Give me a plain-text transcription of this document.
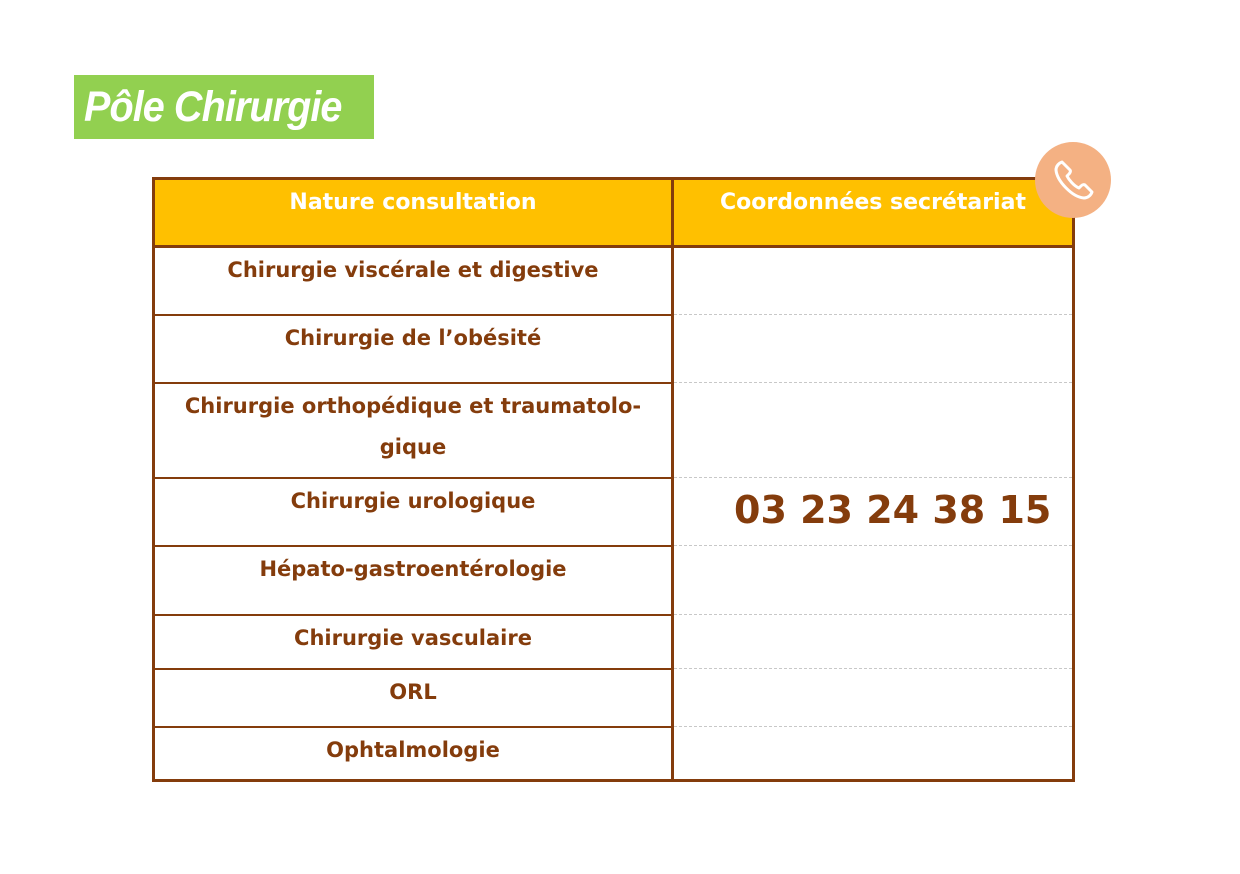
Pôle Chirurgie
Nature consultation	Coordonnées secrétariat

Chirurgie viscérale et digestive	

Chirurgie de l’obésité	

Chirurgie orthopédique et traumatolo-gique	

Chirurgie urologique	

Hépato-gastroentérologie	

Chirurgie vasculaire	

ORL	

Ophtalmologie	

03 23 24 38 15
